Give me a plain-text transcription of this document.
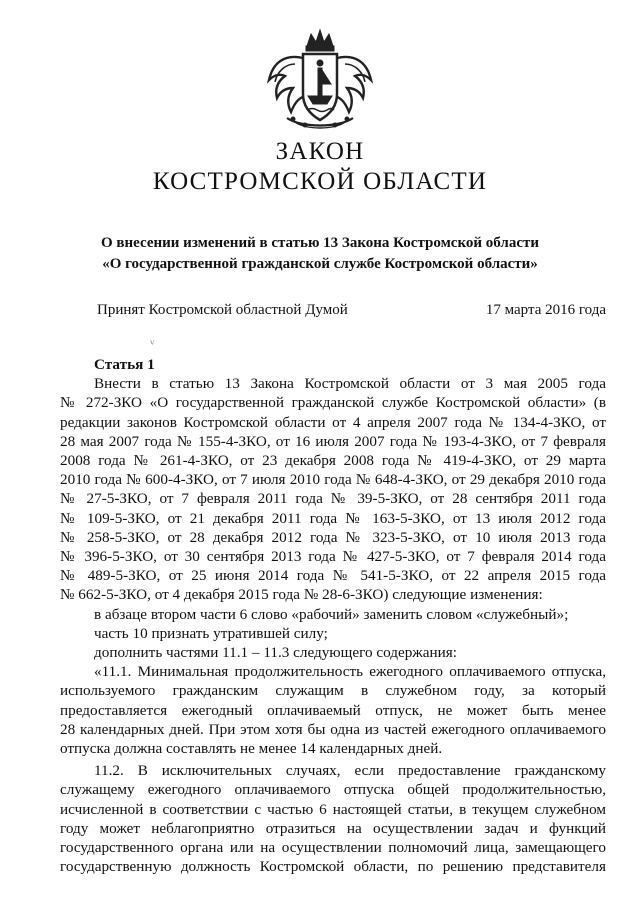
ЗАКОН
КОСТРОМСКОЙ ОБЛАСТИ
О внесении изменений в статью 13 Закона Костромской области
«О государственной гражданской службе Костромской области»
Принят Костромской областной Думой	17 марта 2016 года
ⱽ
Статья 1

Внести в статью 13 Закона Костромской области от 3 мая 2005 года

№ 272-ЗКО «О государственной гражданской службе Костромской области» (в

редакции законов Костромской области от 4 апреля 2007 года № 134-4-ЗКО, от

28 мая 2007 года № 155-4-ЗКО, от 16 июля 2007 года № 193-4-ЗКО, от 7 февраля

2008 года № 261-4-ЗКО, от 23 декабря 2008 года № 419-4-ЗКО, от 29 марта

2010 года № 600-4-ЗКО, от 7 июля 2010 года № 648-4-ЗКО, от 29 декабря 2010 года

№ 27-5-ЗКО, от 7 февраля 2011 года № 39-5-ЗКО, от 28 сентября 2011 года

№ 109-5-ЗКО, от 21 декабря 2011 года № 163-5-ЗКО, от 13 июля 2012 года

№ 258-5-ЗКО, от 28 декабря 2012 года № 323-5-ЗКО, от 10 июля 2013 года

№ 396-5-ЗКО, от 30 сентября 2013 года № 427-5-ЗКО, от 7 февраля 2014 года

№ 489-5-ЗКО, от 25 июня 2014 года № 541-5-ЗКО, от 22 апреля 2015 года

№ 662-5-ЗКО, от 4 декабря 2015 года № 28-6-ЗКО) следующие изменения:

в абзаце втором части 6 слово «рабочий» заменить словом «служебный»;

часть 10 признать утратившей силу;

дополнить частями 11.1 – 11.3 следующего содержания:

«11.1. Минимальная продолжительность ежегодного оплачиваемого отпуска,

используемого гражданским служащим в служебном году, за который

предоставляется ежегодный оплачиваемый отпуск, не может быть менее

28 календарных дней. При этом хотя бы одна из частей ежегодного оплачиваемого

отпуска должна составлять не менее 14 календарных дней.

11.2. В исключительных случаях, если предоставление гражданскому

служащему ежегодного оплачиваемого отпуска общей продолжительностью,

исчисленной в соответствии с частью 6 настоящей статьи, в текущем служебном

году может неблагоприятно отразиться на осуществлении задач и функций

государственного органа или на осуществлении полномочий лица, замещающего

государственную должность Костромской области, по решению представителя
